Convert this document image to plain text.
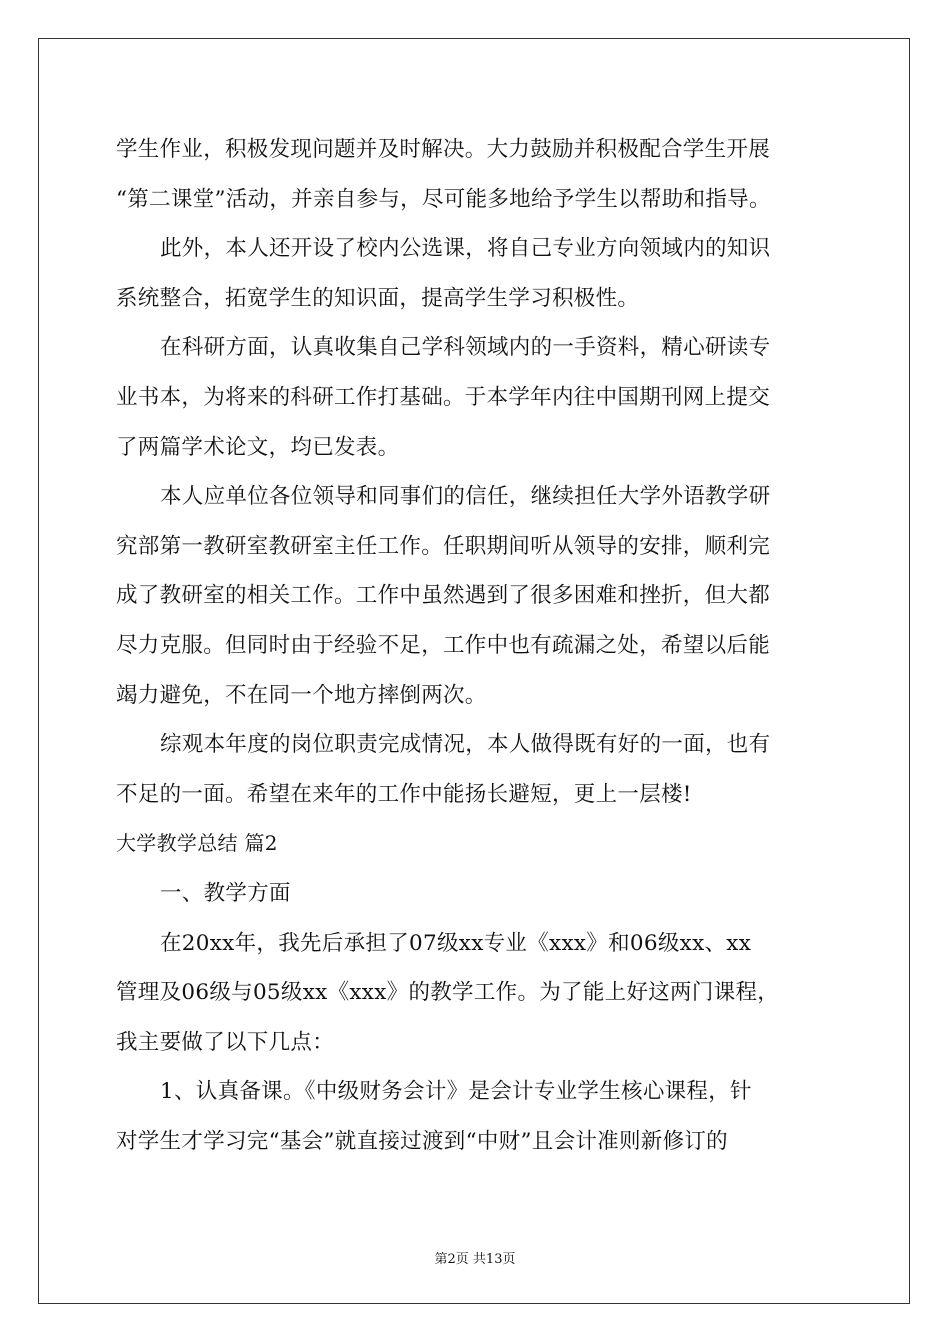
学生作业，积极发现问题并及时解决。大力鼓励并积极配合学生开展
“第二课堂”活动，并亲自参与，尽可能多地给予学生以帮助和指导。
此外，本人还开设了校内公选课，将自己专业方向领域内的知识
系统整合，拓宽学生的知识面，提高学生学习积极性。
在科研方面，认真收集自己学科领域内的一手资料，精心研读专
业书本，为将来的科研工作打基础。于本学年内往中国期刊网上提交
了两篇学术论文，均已发表。
本人应单位各位领导和同事们的信任，继续担任大学外语教学研
究部第一教研室教研室主任工作。任职期间听从领导的安排，顺利完
成了教研室的相关工作。工作中虽然遇到了很多困难和挫折，但大都
尽力克服。但同时由于经验不足，工作中也有疏漏之处，希望以后能
竭力避免，不在同一个地方摔倒两次。
综观本年度的岗位职责完成情况，本人做得既有好的一面，也有
不足的一面。希望在来年的工作中能扬长避短，更上一层楼!
大学教学总结 篇2
一、教学方面
在20xx年，我先后承担了07级xx专业《xxx》和06级xx、xx
管理及06级与05级xx《xxx》的教学工作。为了能上好这两门课程，
我主要做了以下几点：
1、认真备课。《中级财务会计》是会计专业学生核心课程，针
对学生才学习完“基会”就直接过渡到“中财”且会计准则新修订的
第2页 共13页
